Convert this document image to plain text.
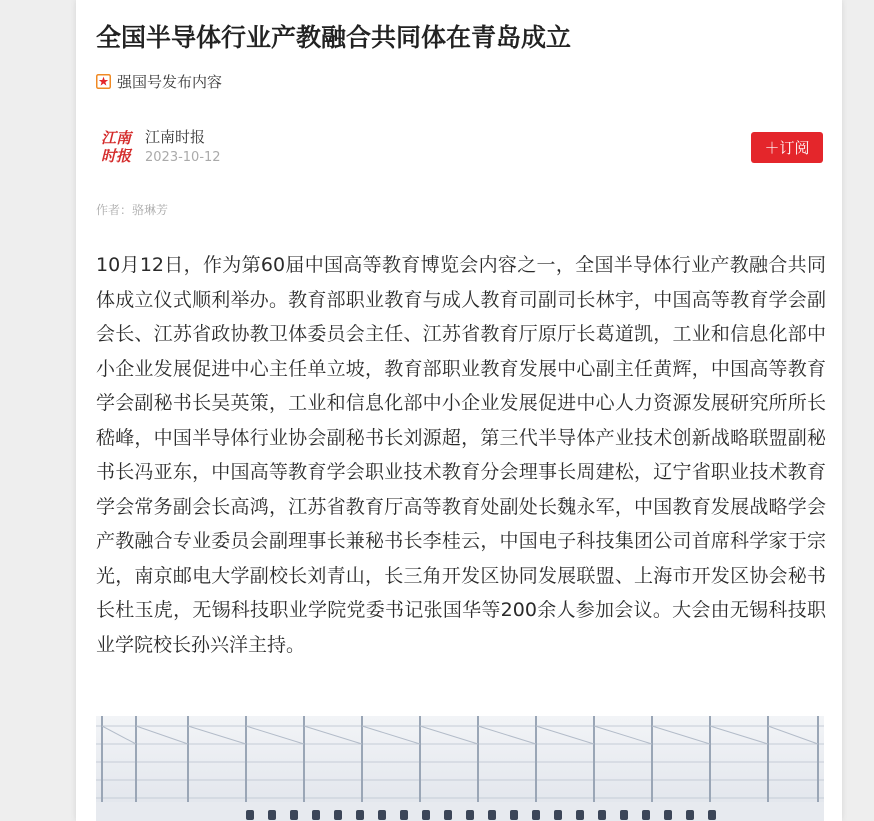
全国半导体行业产教融合共同体在青岛成立
强国号发布内容
江南
时报
江南时报
2023-10-12
＋订阅
作者：骆琳芳

10月12日，作为第60届中国高等教育博览会内容之一，全国半导体行业产教融合共同体成立仪式顺利举办。教育部职业教育与成人教育司副司长林宇，中国高等教育学会副会长、江苏省政协教卫体委员会主任、江苏省教育厅原厅长葛道凯，工业和信息化部中小企业发展促进中心主任单立坡，教育部职业教育发展中心副主任黄辉，中国高等教育学会副秘书长吴英策，工业和信息化部中小企业发展促进中心人力资源发展研究所所长嵇峰，中国半导体行业协会副秘书长刘源超，第三代半导体产业技术创新战略联盟副秘书长冯亚东，中国高等教育学会职业技术教育分会理事长周建松，辽宁省职业技术教育学会常务副会长高鸿，江苏省教育厅高等教育处副处长魏永军，中国教育发展战略学会产教融合专业委员会副理事长兼秘书长李桂云，中国电子科技集团公司首席科学家于宗光，南京邮电大学副校长刘青山，长三角开发区协同发展联盟、上海市开发区协会秘书长杜玉虎，无锡科技职业学院党委书记张国华等200余人参加会议。大会由无锡科技职业学院校长孙兴洋主持。
